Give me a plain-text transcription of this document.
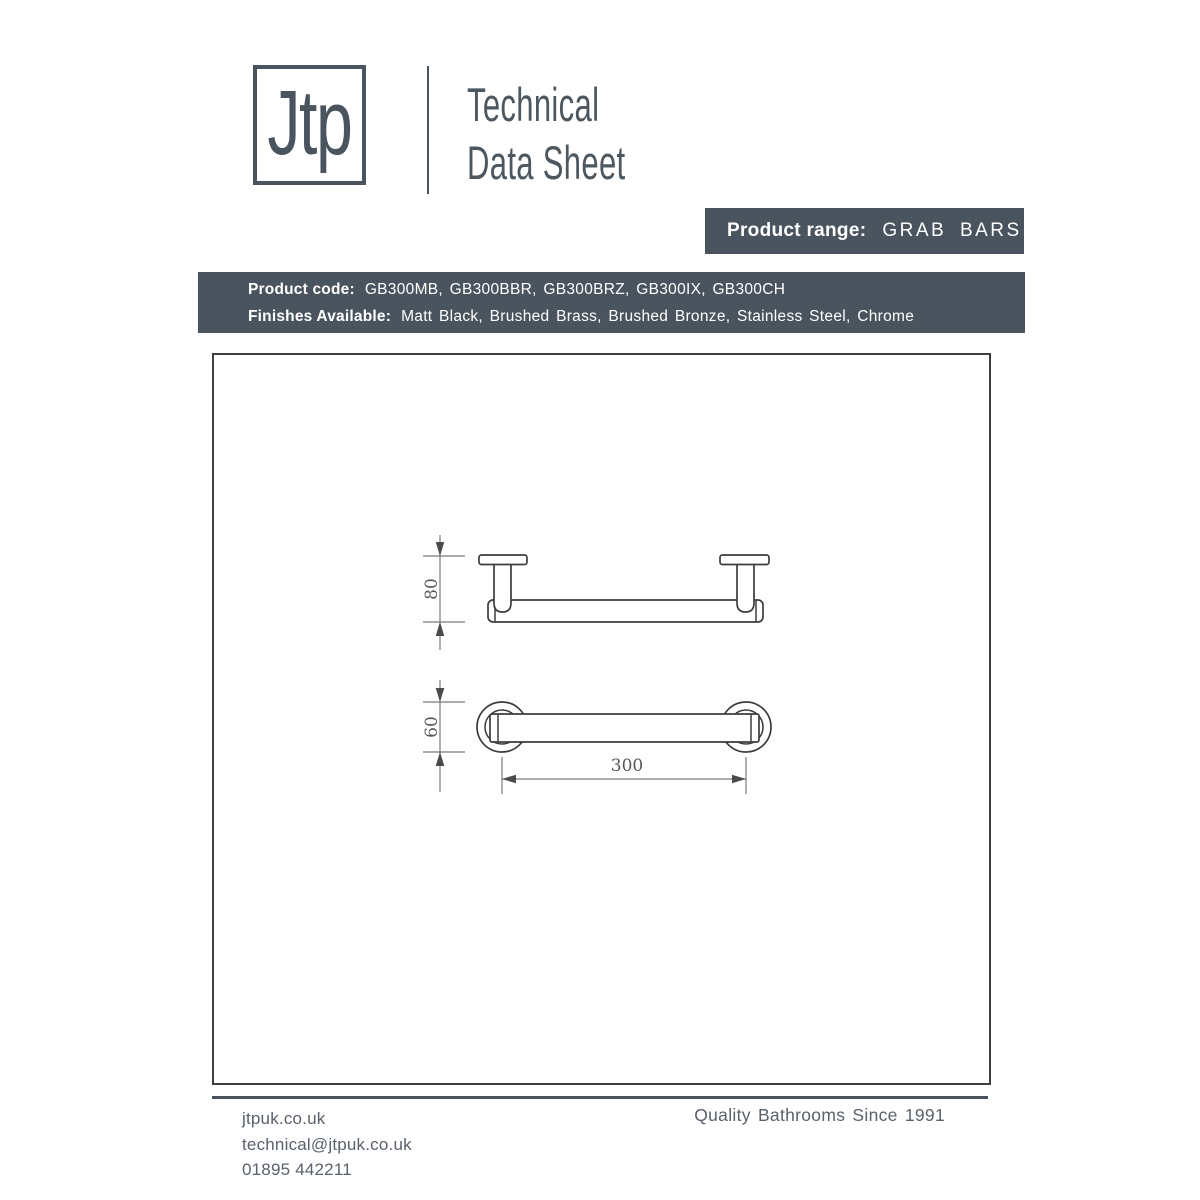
Jtp Technical
Data Sheet
Product range: GRAB BARS
Product code: GB300MB, GB300BBR, GB300BRZ, GB300IX, GB300CH
Finishes Available: Matt Black, Brushed Brass, Brushed Bronze, Stainless Steel, Chrome
80
60
300
jtpuk.co.uk
technical@jtpuk.co.uk
01895 442211
Quality Bathrooms Since 1991
